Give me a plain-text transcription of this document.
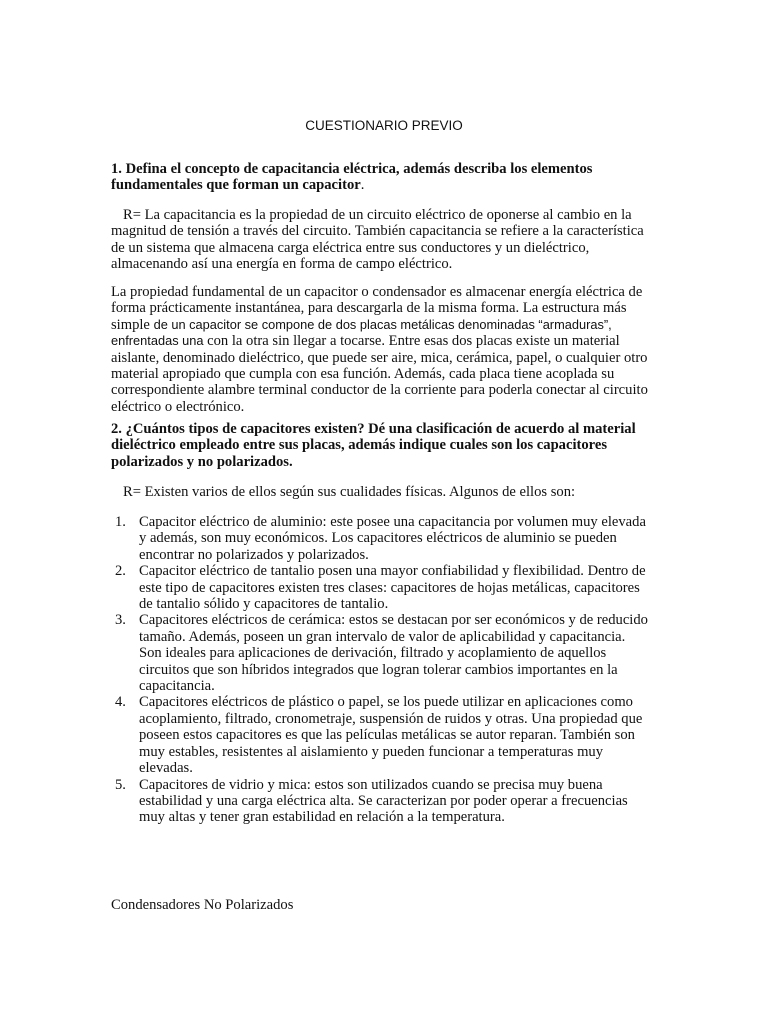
CUESTIONARIO PREVIO

1. Defina el concepto de capacitancia eléctrica, además describa los elementos fundamentales que forman un capacitor.

R= La capacitancia es la propiedad de un circuito eléctrico de oponerse al cambio en la magnitud de tensión a través del circuito. También capacitancia se refiere a la característica de un sistema que almacena carga eléctrica entre sus conductores y un dieléctrico, almacenando así una energía en forma de campo eléctrico.

La propiedad fundamental de un capacitor o condensador es almacenar energía eléctrica de forma prácticamente instantánea, para descargarla de la misma forma. La estructura más simple de un capacitor se compone de dos placas metálicas denominadas “armaduras”, enfrentadas una con la otra sin llegar a tocarse. Entre esas dos placas existe un material aislante, denominado dieléctrico, que puede ser aire, mica, cerámica, papel, o cualquier otro material apropiado que cumpla con esa función. Además, cada placa tiene acoplada su correspondiente alambre terminal conductor de la corriente para poderla conectar al circuito eléctrico o electrónico.

2. ¿Cuántos tipos de capacitores existen? Dé una clasificación de acuerdo al material dieléctrico empleado entre sus placas, además indique cuales son los capacitores polarizados y no polarizados.

R= Existen varios de ellos según sus cualidades físicas. Algunos de ellos son:

1. Capacitor eléctrico de aluminio: este posee una capacitancia por volumen muy elevada y además, son muy económicos. Los capacitores eléctricos de aluminio se pueden encontrar no polarizados y polarizados.
2. Capacitor eléctrico de tantalio posen una mayor confiabilidad y flexibilidad. Dentro de este tipo de capacitores existen tres clases: capacitores de hojas metálicas, capacitores de tantalio sólido y capacitores de tantalio.
3. Capacitores eléctricos de cerámica: estos se destacan por ser económicos y de reducido tamaño. Además, poseen un gran intervalo de valor de aplicabilidad y capacitancia. Son ideales para aplicaciones de derivación, filtrado y acoplamiento de aquellos circuitos que son híbridos integrados que logran tolerar cambios importantes en la capacitancia.
4. Capacitores eléctricos de plástico o papel, se los puede utilizar en aplicaciones como acoplamiento, filtrado, cronometraje, suspensión de ruidos y otras. Una propiedad que poseen estos capacitores es que las películas metálicas se autor reparan. También son muy estables, resistentes al aislamiento y pueden funcionar a temperaturas muy elevadas.
5. Capacitores de vidrio y mica: estos son utilizados cuando se precisa muy buena estabilidad y una carga eléctrica alta. Se caracterizan por poder operar a frecuencias muy altas y tener gran estabilidad en relación a la temperatura.

Condensadores No Polarizados
